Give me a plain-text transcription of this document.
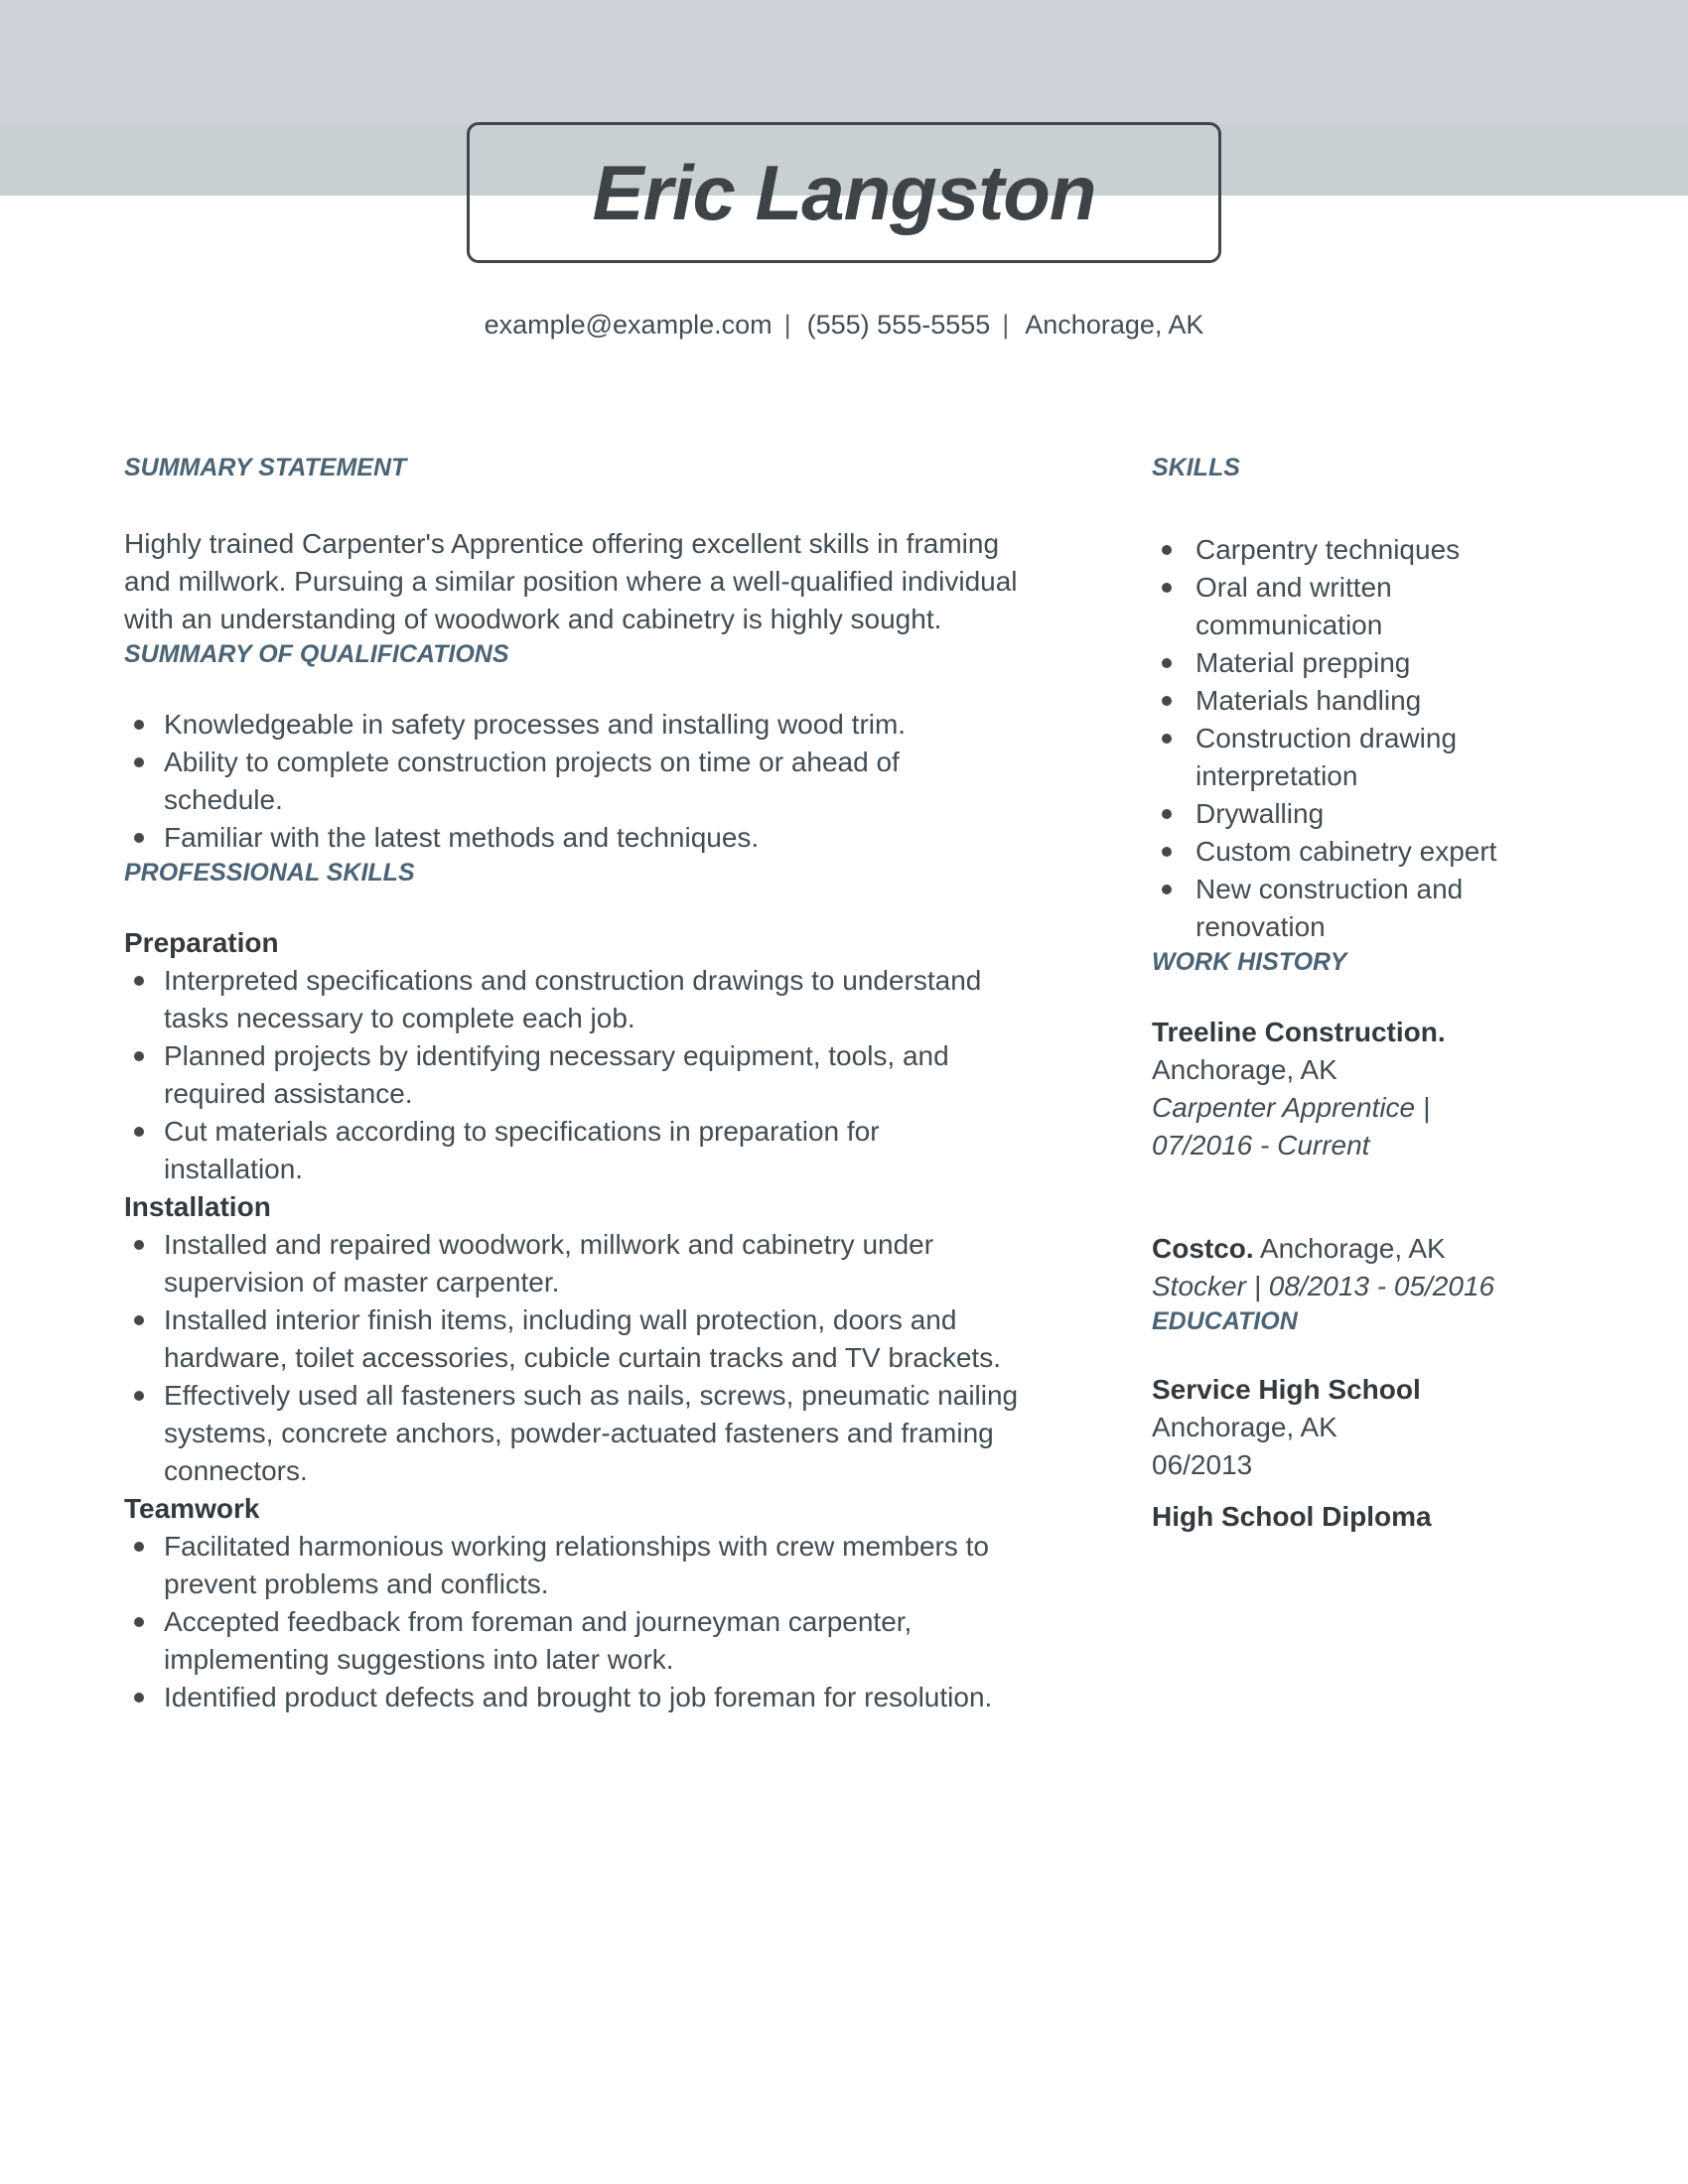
Eric Langston
example@example.com | (555) 555-5555 | Anchorage, AK
SUMMARY STATEMENT

Highly trained Carpenter's Apprentice offering excellent skills in framing and millwork. Pursuing a similar position where a well-qualified individual with an understanding of woodwork and cabinetry is highly sought.

SUMMARY OF QUALIFICATIONS
Knowledgeable in safety processes and installing wood trim.
Ability to complete construction projects on time or ahead of schedule.
Familiar with the latest methods and techniques.
PROFESSIONAL SKILLS
Preparation
Interpreted specifications and construction drawings to understand tasks necessary to complete each job.
Planned projects by identifying necessary equipment, tools, and required assistance.
Cut materials according to specifications in preparation for installation.
Installation
Installed and repaired woodwork, millwork and cabinetry under supervision of master carpenter.
Installed interior finish items, including wall protection, doors and hardware, toilet accessories, cubicle curtain tracks and TV brackets.
Effectively used all fasteners such as nails, screws, pneumatic nailing systems, concrete anchors, powder-actuated fasteners and framing connectors.
Teamwork
Facilitated harmonious working relationships with crew members to prevent problems and conflicts.
Accepted feedback from foreman and journeyman carpenter, implementing suggestions into later work.
Identified product defects and brought to job foreman for resolution.
SKILLS
Carpentry techniques
Oral and written communication
Material prepping
Materials handling
Construction drawing interpretation
Drywalling
Custom cabinetry expert
New construction and renovation
WORK HISTORY
Treeline Construction.
Anchorage, AK
Carpenter Apprentice | 07/2016 - Current
Costco. Anchorage, AK
Stocker | 08/2013 - 05/2016
EDUCATION
Service High School
Anchorage, AK
06/2013
High School Diploma
